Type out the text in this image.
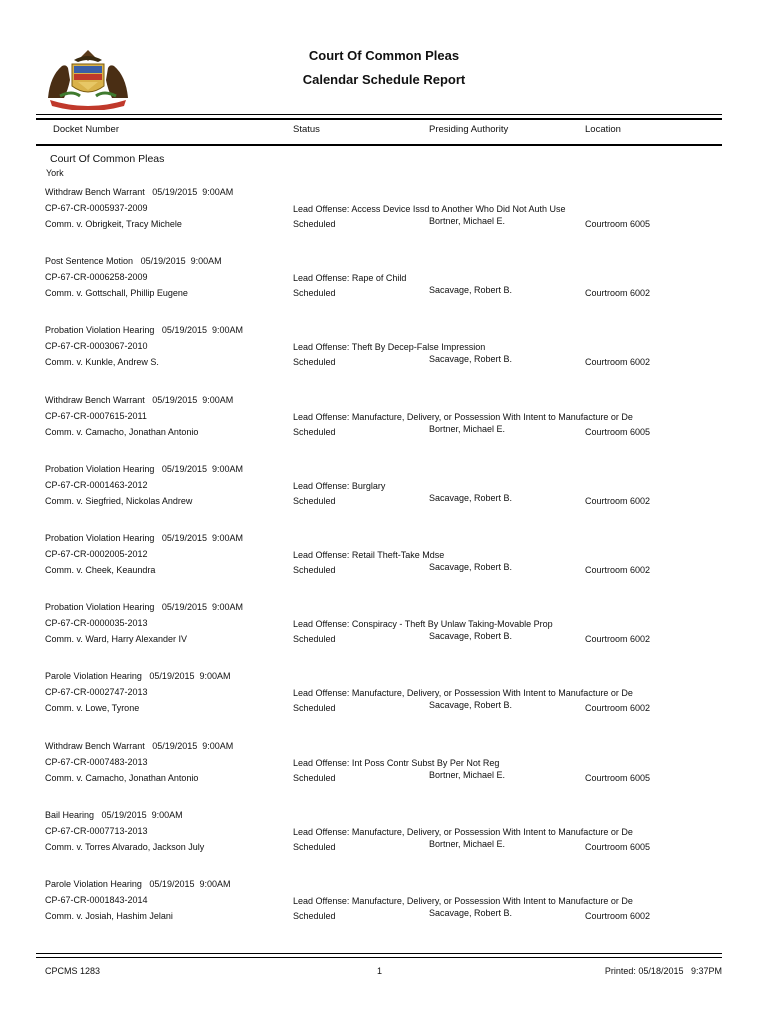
Court Of Common Pleas
Calendar Schedule Report
Docket Number	Status	Presiding Authority	Location
Court Of Common Pleas
York
Withdraw Bench Warrant 05/19/2015 9:00AM
CP-67-CR-0005937-2009
Comm. v. Obrigkeit, Tracy Michele
Lead Offense: Access Device Issd to Another Who Did Not Auth Use
Scheduled	Bortner, Michael E.	Courtroom 6005
Post Sentence Motion 05/19/2015 9:00AM
CP-67-CR-0006258-2009
Comm. v. Gottschall, Phillip Eugene
Lead Offense: Rape of Child
Scheduled	Sacavage, Robert B.	Courtroom 6002
Probation Violation Hearing 05/19/2015 9:00AM
CP-67-CR-0003067-2010
Comm. v. Kunkle, Andrew S.
Lead Offense: Theft By Decep-False Impression
Scheduled	Sacavage, Robert B.	Courtroom 6002
Withdraw Bench Warrant 05/19/2015 9:00AM
CP-67-CR-0007615-2011
Comm. v. Camacho, Jonathan Antonio
Lead Offense: Manufacture, Delivery, or Possession With Intent to Manufacture or De
Scheduled	Bortner, Michael E.	Courtroom 6005
Probation Violation Hearing 05/19/2015 9:00AM
CP-67-CR-0001463-2012
Comm. v. Siegfried, Nickolas Andrew
Lead Offense: Burglary
Scheduled	Sacavage, Robert B.	Courtroom 6002
Probation Violation Hearing 05/19/2015 9:00AM
CP-67-CR-0002005-2012
Comm. v. Cheek, Keaundra
Lead Offense: Retail Theft-Take Mdse
Scheduled	Sacavage, Robert B.	Courtroom 6002
Probation Violation Hearing 05/19/2015 9:00AM
CP-67-CR-0000035-2013
Comm. v. Ward, Harry Alexander IV
Lead Offense: Conspiracy - Theft By Unlaw Taking-Movable Prop
Scheduled	Sacavage, Robert B.	Courtroom 6002
Parole Violation Hearing 05/19/2015 9:00AM
CP-67-CR-0002747-2013
Comm. v. Lowe, Tyrone
Lead Offense: Manufacture, Delivery, or Possession With Intent to Manufacture or De
Scheduled	Sacavage, Robert B.	Courtroom 6002
Withdraw Bench Warrant 05/19/2015 9:00AM
CP-67-CR-0007483-2013
Comm. v. Camacho, Jonathan Antonio
Lead Offense: Int Poss Contr Subst By Per Not Reg
Scheduled	Bortner, Michael E.	Courtroom 6005
Bail Hearing 05/19/2015 9:00AM
CP-67-CR-0007713-2013
Comm. v. Torres Alvarado, Jackson July
Lead Offense: Manufacture, Delivery, or Possession With Intent to Manufacture or De
Scheduled	Bortner, Michael E.	Courtroom 6005
Parole Violation Hearing 05/19/2015 9:00AM
CP-67-CR-0001843-2014
Comm. v. Josiah, Hashim Jelani
Lead Offense: Manufacture, Delivery, or Possession With Intent to Manufacture or De
Scheduled	Sacavage, Robert B.	Courtroom 6002
CPCMS 1283	1	Printed: 05/18/2015   9:37PM
